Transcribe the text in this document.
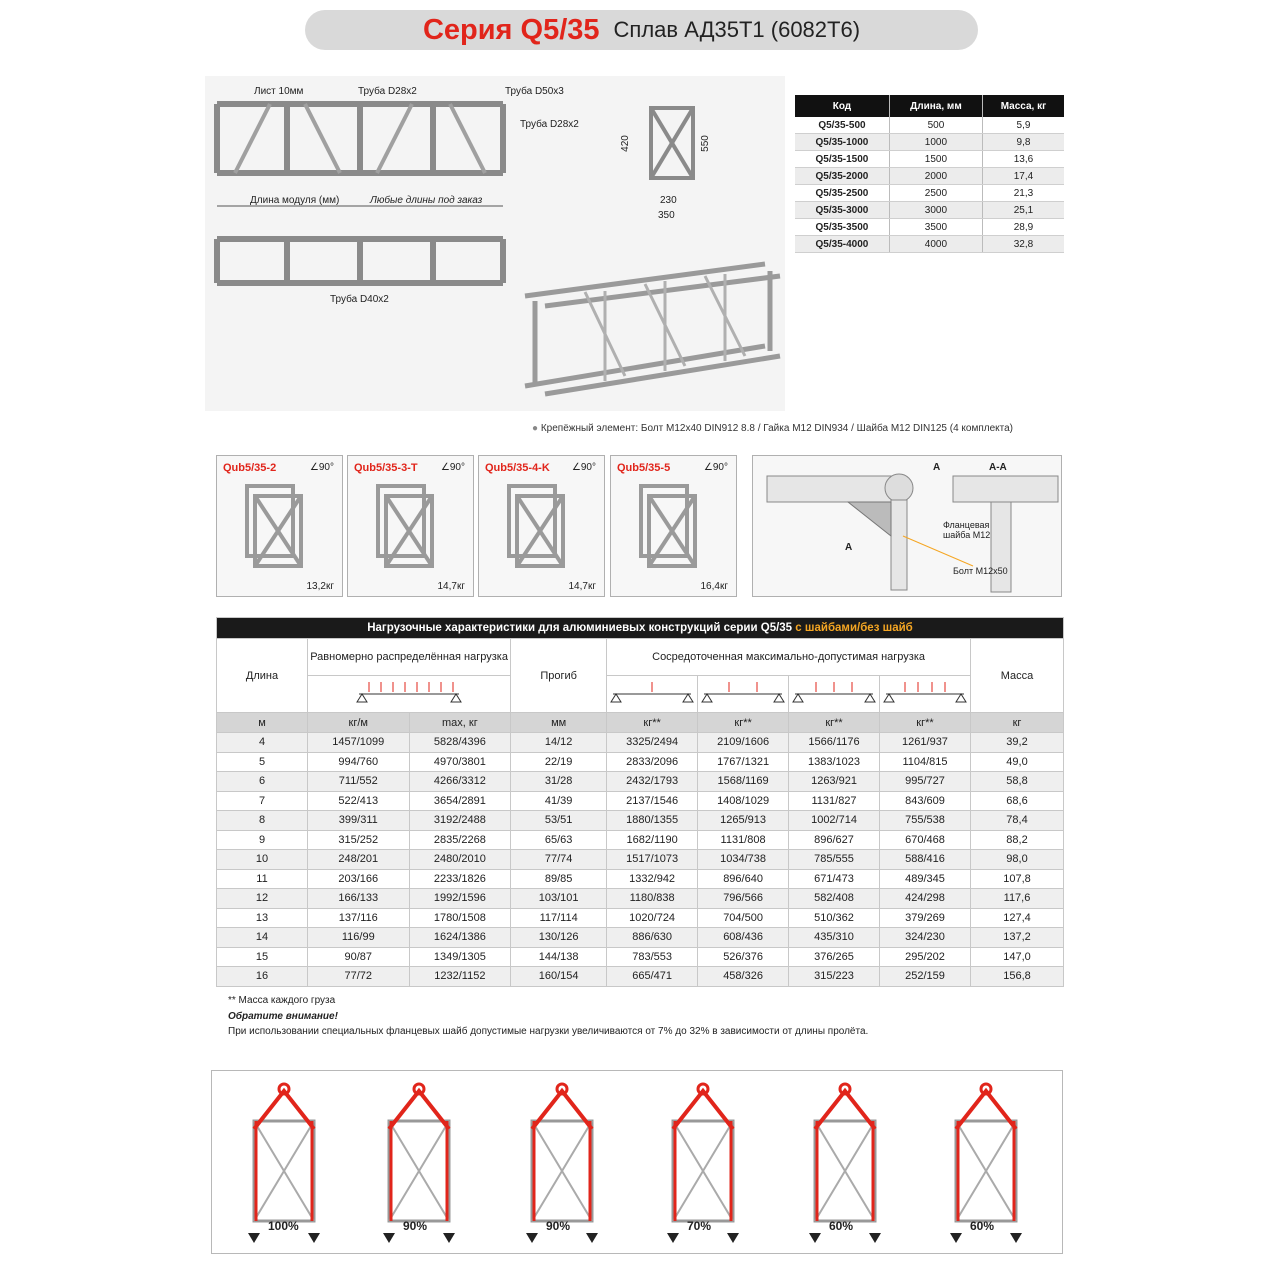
Серия Q5/35 Сплав АД35Т1 (6082Т6)
Лист 10мм	Труба D28x2	Труба D50x3
Труба D28x2
Длина модуля (мм)	Любые длины под заказ
Труба D40x2
420	550
230
350
Код	Длина, мм	Масса, кг
Q5/35-500	500	5,9
Q5/35-1000	1000	9,8
Q5/35-1500	1500	13,6
Q5/35-2000	2000	17,4
Q5/35-2500	2500	21,3
Q5/35-3000	3000	25,1
Q5/35-3500	3500	28,9
Q5/35-4000	4000	32,8
● Крепёжный элемент: Болт M12x40 DIN912 8.8 / Гайка M12 DIN934 / Шайба M12 DIN125 (4 комплекта)
Qub5/35-2	∠90°
13,2кг
Qub5/35-3-T ∠90°
14,7кг
Qub5/35-4-K ∠90°
14,7кг
Qub5/35-5	∠90°
16,4кг
A	A-A
A
Фланцевая шайба M12
Болт M12x50
Нагрузочные характеристики для алюминиевых конструкций серии Q5/35 с шайбами/без шайб								
Длина	Равномерно распределённая нагрузка		Прогиб	Сосредоточенная максимально-допустимая нагрузка				Масса

м	кг/м	max, кг	мм	кг**	кг**	кг**	кг**	кг
4	1457/1099	5828/4396	14/12	3325/2494	2109/1606	1566/1176	1261/937	39,2
5	994/760	4970/3801	22/19	2833/2096	1767/1321	1383/1023	1104/815	49,0
6	711/552	4266/3312	31/28	2432/1793	1568/1169	1263/921	995/727	58,8
7	522/413	3654/2891	41/39	2137/1546	1408/1029	1131/827	843/609	68,6
8	399/311	3192/2488	53/51	1880/1355	1265/913	1002/714	755/538	78,4
9	315/252	2835/2268	65/63	1682/1190	1131/808	896/627	670/468	88,2
10	248/201	2480/2010	77/74	1517/1073	1034/738	785/555	588/416	98,0
11	203/166	2233/1826	89/85	1332/942	896/640	671/473	489/345	107,8
12	166/133	1992/1596	103/101	1180/838	796/566	582/408	424/298	117,6
13	137/116	1780/1508	117/114	1020/724	704/500	510/362	379/269	127,4
14	116/99	1624/1386	130/126	886/630	608/436	435/310	324/230	137,2
15	90/87	1349/1305	144/138	783/553	526/376	376/265	295/202	147,0
16	77/72	1232/1152	160/154	665/471	458/326	315/223	252/159	156,8
** Масса каждого груза
Обратите внимание!
При использовании специальных фланцевых шайб допустимые нагрузки увеличиваются от 7% до 32% в зависимости от длины пролёта.
100%	90%	90%	70%	60%	60%
